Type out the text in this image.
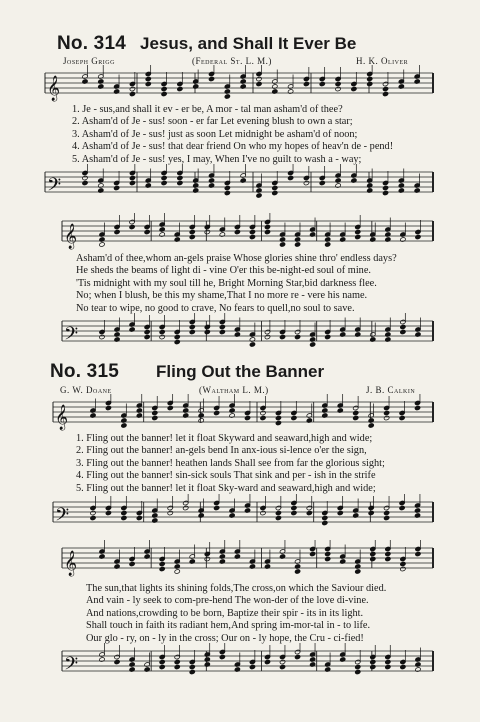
No. 314 Jesus, and Shall It Ever Be
Joseph Grigg	(Federal St. L. M.)	H. K. Oliver
𝄞
1. Je - sus,and shall it ev - er be, A mor - tal man asham'd of thee?
2. Asham'd of Je - sus! soon - er far Let evening blush to own a star;
3. Asham'd of Je - sus! just as soon Let midnight be asham'd of noon;
4. Asham'd of Je - sus! that dear friend On who my hopes of heav'n de - pend!
5. Asham'd of Je - sus! yes, I may, When I've no guilt to wash a - way;
𝄢
𝄞
Asham'd of thee,whom an-gels praise Whose glories shine thro' endless days?
He sheds the beams of light di - vine O'er this be-night-ed soul of mine.
'Tis midnight with my soul till he, Bright Morning Star,bid darkness flee.
No; when I blush, be this my shame,That I no more re - vere his name.
No tear to wipe, no good to crave, No fears to quell,no soul to save.
𝄢
No. 315 Fling Out the Banner
G. W. Doane	(Waltham L. M.)	J. B. Calkin
𝄞
1. Fling out the banner! let it float Skyward and seaward,high and wide;
2. Fling out the banner! an-gels bend In anx-ious si-lence o'er the sign,
3. Fling out the banner! heathen lands Shall see from far the glorious sight;
4. Fling out the banner! sin-sick souls That sink and per - ish in the strife
5. Fling out the banner! let it float Sky-ward and seaward,high and wide;
𝄢
𝄞
The sun,that lights its shining folds,The cross,on which the Saviour died.
And vain - ly seek to com-pre-hend The won-der of the love di-vine.
And nations,crowding to be born, Baptize their spir - its in its light.
Shall touch in faith its radiant hem,And spring im-mor-tal in - to life.
Our glo - ry, on - ly in the cross; Our on - ly hope, the Cru - ci-fied!
𝄢
